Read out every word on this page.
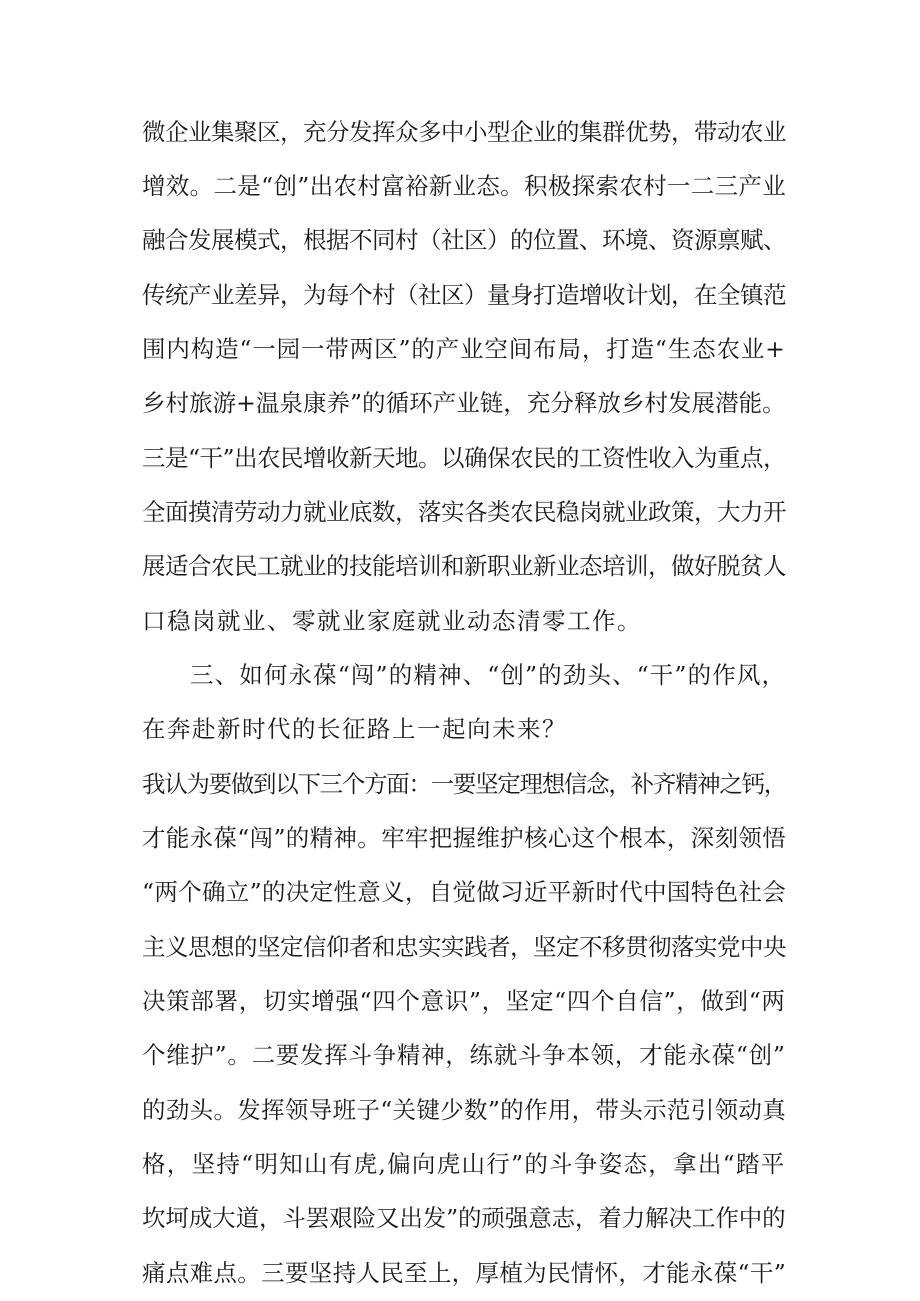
微企业集聚区，充分发挥众多中小型企业的集群优势，带动农业
增效。二是“创”出农村富裕新业态。积极探索农村一二三产业
融合发展模式，根据不同村（社区）的位置、环境、资源禀赋、
传统产业差异，为每个村（社区）量身打造增收计划，在全镇范
围内构造“一园一带两区”的产业空间布局，打造“生态农业+
乡村旅游+温泉康养”的循环产业链，充分释放乡村发展潜能。
三是“干”出农民增收新天地。以确保农民的工资性收入为重点，
全面摸清劳动力就业底数，落实各类农民稳岗就业政策，大力开
展适合农民工就业的技能培训和新职业新业态培训，做好脱贫人
口稳岗就业、零就业家庭就业动态清零工作。
三、如何永葆“闯”的精神、“创”的劲头、“干”的作风，
在奔赴新时代的长征路上一起向未来？
我认为要做到以下三个方面：一要坚定理想信念，补齐精神之钙，
才能永葆“闯”的精神。牢牢把握维护核心这个根本，深刻领悟
“两个确立”的决定性意义，自觉做习近平新时代中国特色社会
主义思想的坚定信仰者和忠实实践者，坚定不移贯彻落实党中央
决策部署，切实增强“四个意识”，坚定“四个自信”，做到“两
个维护”。二要发挥斗争精神，练就斗争本领，才能永葆“创”
的劲头。发挥领导班子“关键少数”的作用，带头示范引领动真
格，坚持“明知山有虎,偏向虎山行”的斗争姿态，拿出“踏平
坎坷成大道，斗罢艰险又出发”的顽强意志，着力解决工作中的
痛点难点。三要坚持人民至上，厚植为民情怀，才能永葆“干”
